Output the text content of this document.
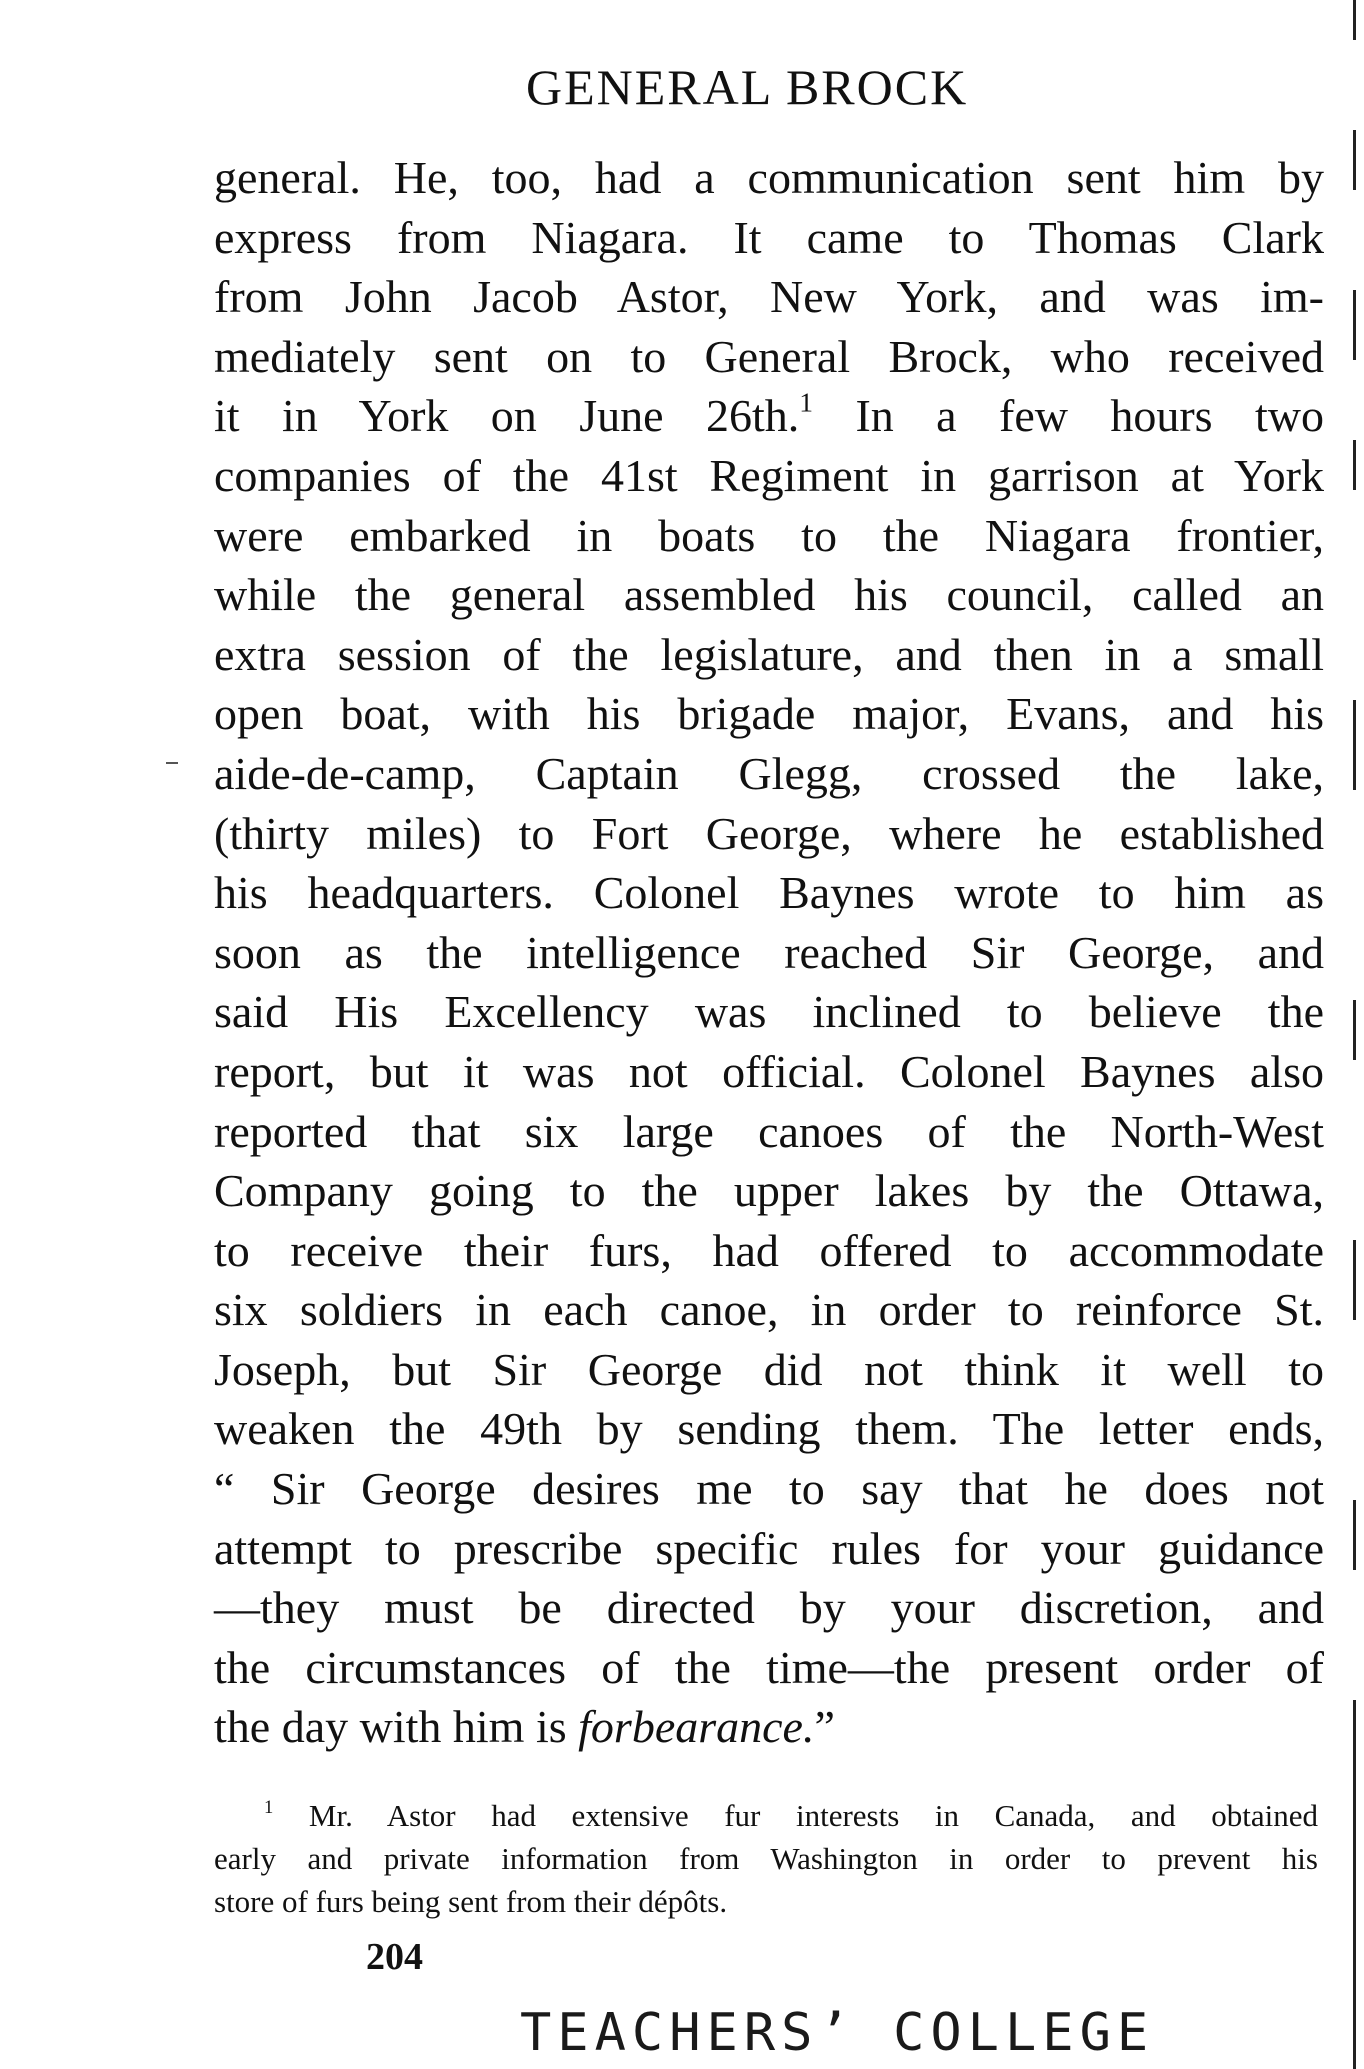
GENERAL BROCK
general. He, too, had a communication sent him by
express from Niagara. It came to Thomas Clark
from John Jacob Astor, New York, and was im-
mediately sent on to General Brock, who received
it in York on June 26th.$^1$ In a few hours two
companies of the 41st Regiment in garrison at York
were embarked in boats to the Niagara frontier,
while the general assembled his council, called an
extra session of the legislature, and then in a small
open boat, with his brigade major, Evans, and his
aide-de-camp, Captain Glegg, crossed the lake,
(thirty miles) to Fort George, where he established
his headquarters. Colonel Baynes wrote to him as
soon as the intelligence reached Sir George, and
said His Excellency was inclined to believe the
report, but it was not official. Colonel Baynes also
reported that six large canoes of the North-West
Company going to the upper lakes by the Ottawa,
to receive their furs, had offered to accommodate
six soldiers in each canoe, in order to reinforce St.
Joseph, but Sir George did not think it well to
weaken the 49th by sending them. The letter ends,
“ Sir George desires me to say that he does not
attempt to prescribe specific rules for your guidance
—they must be directed by your discretion, and
the circumstances of the time—the present order of
the day with him is forbearance.”
$^1$ Mr. Astor had extensive fur interests in Canada, and obtained
early and private information from Washington in order to prevent his
store of furs being sent from their dépôts.
204
TEACHERS’ COLLEGE
